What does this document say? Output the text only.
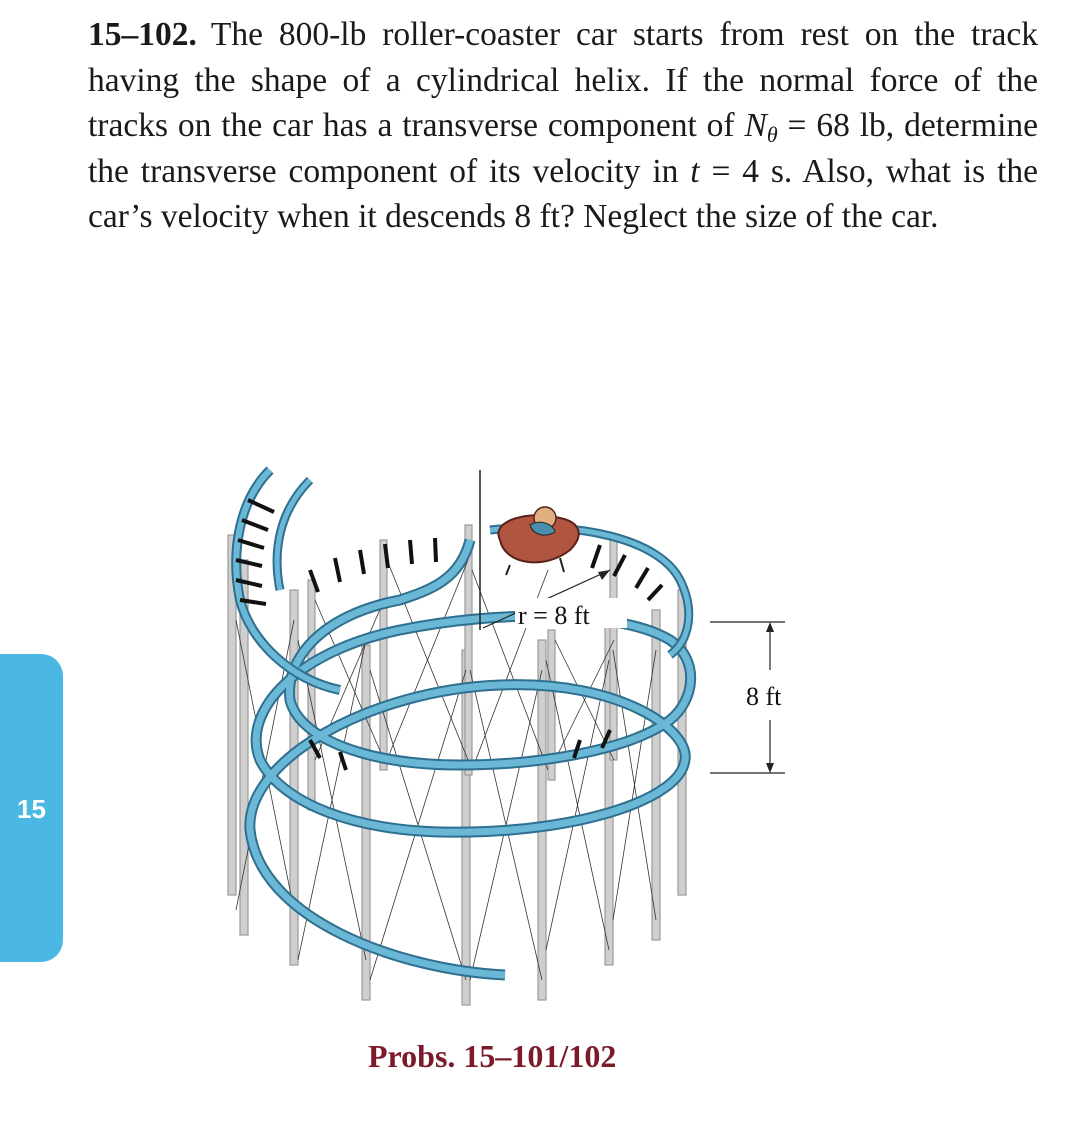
15–102. The 800-lb roller-coaster car starts from rest on the track having the shape of a cylindrical helix. If the normal force of the tracks on the car has a transverse component of $N_\theta = 68$ lb, determine the transverse component of its velocity in t = 4 s. Also, what is the car’s velocity when it descends 8 ft? Neglect the size of the car.
15
r = 8 ft
8 ft
Probs. 15–101/102
